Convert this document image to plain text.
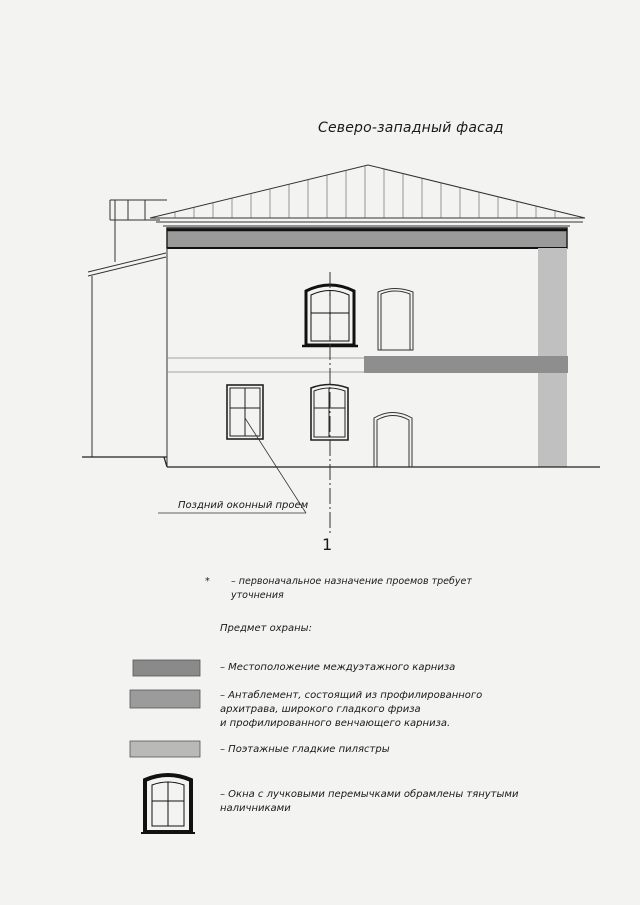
Северо-западный фасад
Поздний оконный проем
1
* – первоначальное назначение проемов требует уточнения
Предмет охраны:
– Местоположение междуэтажного карниза
– Антаблемент, состоящий из профилированного архитрава, широкого гладкого фриза
и профилированного венчающего карниза.
– Поэтажные гладкие пилястры
– Окна с лучковыми перемычками обрамлены тянутыми наличниками
